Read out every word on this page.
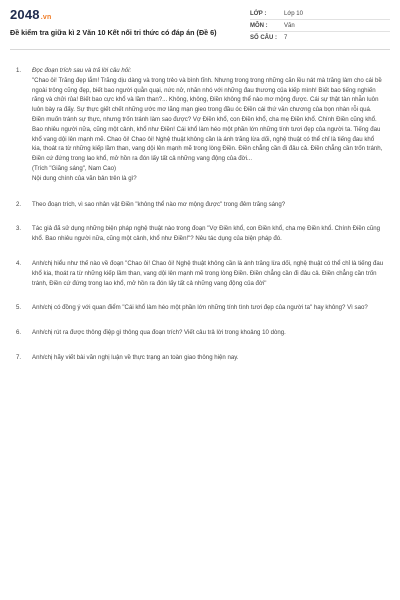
2048.vn
Đề kiểm tra giữa kì 2 Văn 10 Kết nối tri thức có đáp án (Đề 6)
LỚP :	Lớp 10
MÔN :	Văn
SỐ CÂU :	7
1.	Đọc đoạn trích sau và trả lời câu hỏi:

"Chao ôi! Trăng đẹp lắm! Trăng dịu dàng và trong trẻo và bình tĩnh. Nhưng trong trong những căn lều nát mà trăng làm cho cái bề ngoài trông cũng đẹp, biết bao người quằn quại, nức nở, nhăn nhó với những đau thương của kiếp mình! Biết bao tiếng nghiến răng và chửi rủa! Biết bao cực khổ và lầm than?... Không, không, Điền không thể nào mơ mộng được. Cái sự thật tàn nhẫn luôn luôn bày ra đấy. Sự thực giết chết những ước mơ lãng mạn gieo trong đầu óc Điền cái thứ văn chương của bọn nhàn rỗi quá. Điền muốn tránh sự thực, nhưng trốn tránh làm sao được? Vợ Điền khổ, con Điền khổ, cha mẹ Điền khổ. Chính Điền cũng khổ. Bao nhiêu người nữa, cũng một cảnh, khổ như Điền! Cái khổ làm héo một phần lớn những tính tươi đẹp của người ta. Tiếng đau khổ vang dội lên mạnh mẽ. Chao ôi! Chao ôi! Nghệ thuật không cần là ánh trăng lừa dối, nghệ thuật có thể chỉ là tiếng đau khổ kia, thoát ra từ những kiếp lầm than, vang dội lên mạnh mẽ trong lòng Điền. Điền chẳng cần đi đâu cả. Điền chẳng cần trốn tránh, Điền cứ đứng trong lao khổ, mở hồn ra đón lấy tất cả những vang động của đời...

(Trích "Giăng sáng", Nam Cao)

Nội dung chính của văn bản trên là gì?

2.	Theo đoạn trích, vì sao nhân vật Điền "không thể nào mơ mộng được" trong đêm trăng sáng?
3.	Tác giả đã sử dụng những biện pháp nghệ thuật nào trong đoạn "Vợ Điền khổ, con Điền khổ, cha mẹ Điền khổ. Chính Điền cũng khổ. Bao nhiêu người nữa, cũng một cảnh, khổ như Điền!"? Nêu tác dụng của biện pháp đó.
4.	Anh/chị hiểu như thế nào về đoạn "Chao ôi! Chao ôi! Nghệ thuật không cần là ánh trăng lừa dối, nghệ thuật có thể chỉ là tiếng đau khổ kia, thoát ra từ những kiếp lầm than, vang dội lên mạnh mẽ trong lòng Điền. Điền chẳng cần đi đâu cả. Điền chẳng cần trốn tránh, Điền cứ đứng trong lao khổ, mở hồn ra đón lấy tất cả những vang động của đời"
5.	Anh/chị có đồng ý với quan điểm "Cái khổ làm héo một phần lớn những tính tình tươi đẹp của người ta" hay không? Vì sao?
6.	Anh/chị rút ra được thông điệp gì thông qua đoạn trích? Viết câu trả lời trong khoảng 10 dòng.
7.	Anh/chị hãy viết bài văn nghị luận về thực trạng an toàn giao thông hiện nay.
